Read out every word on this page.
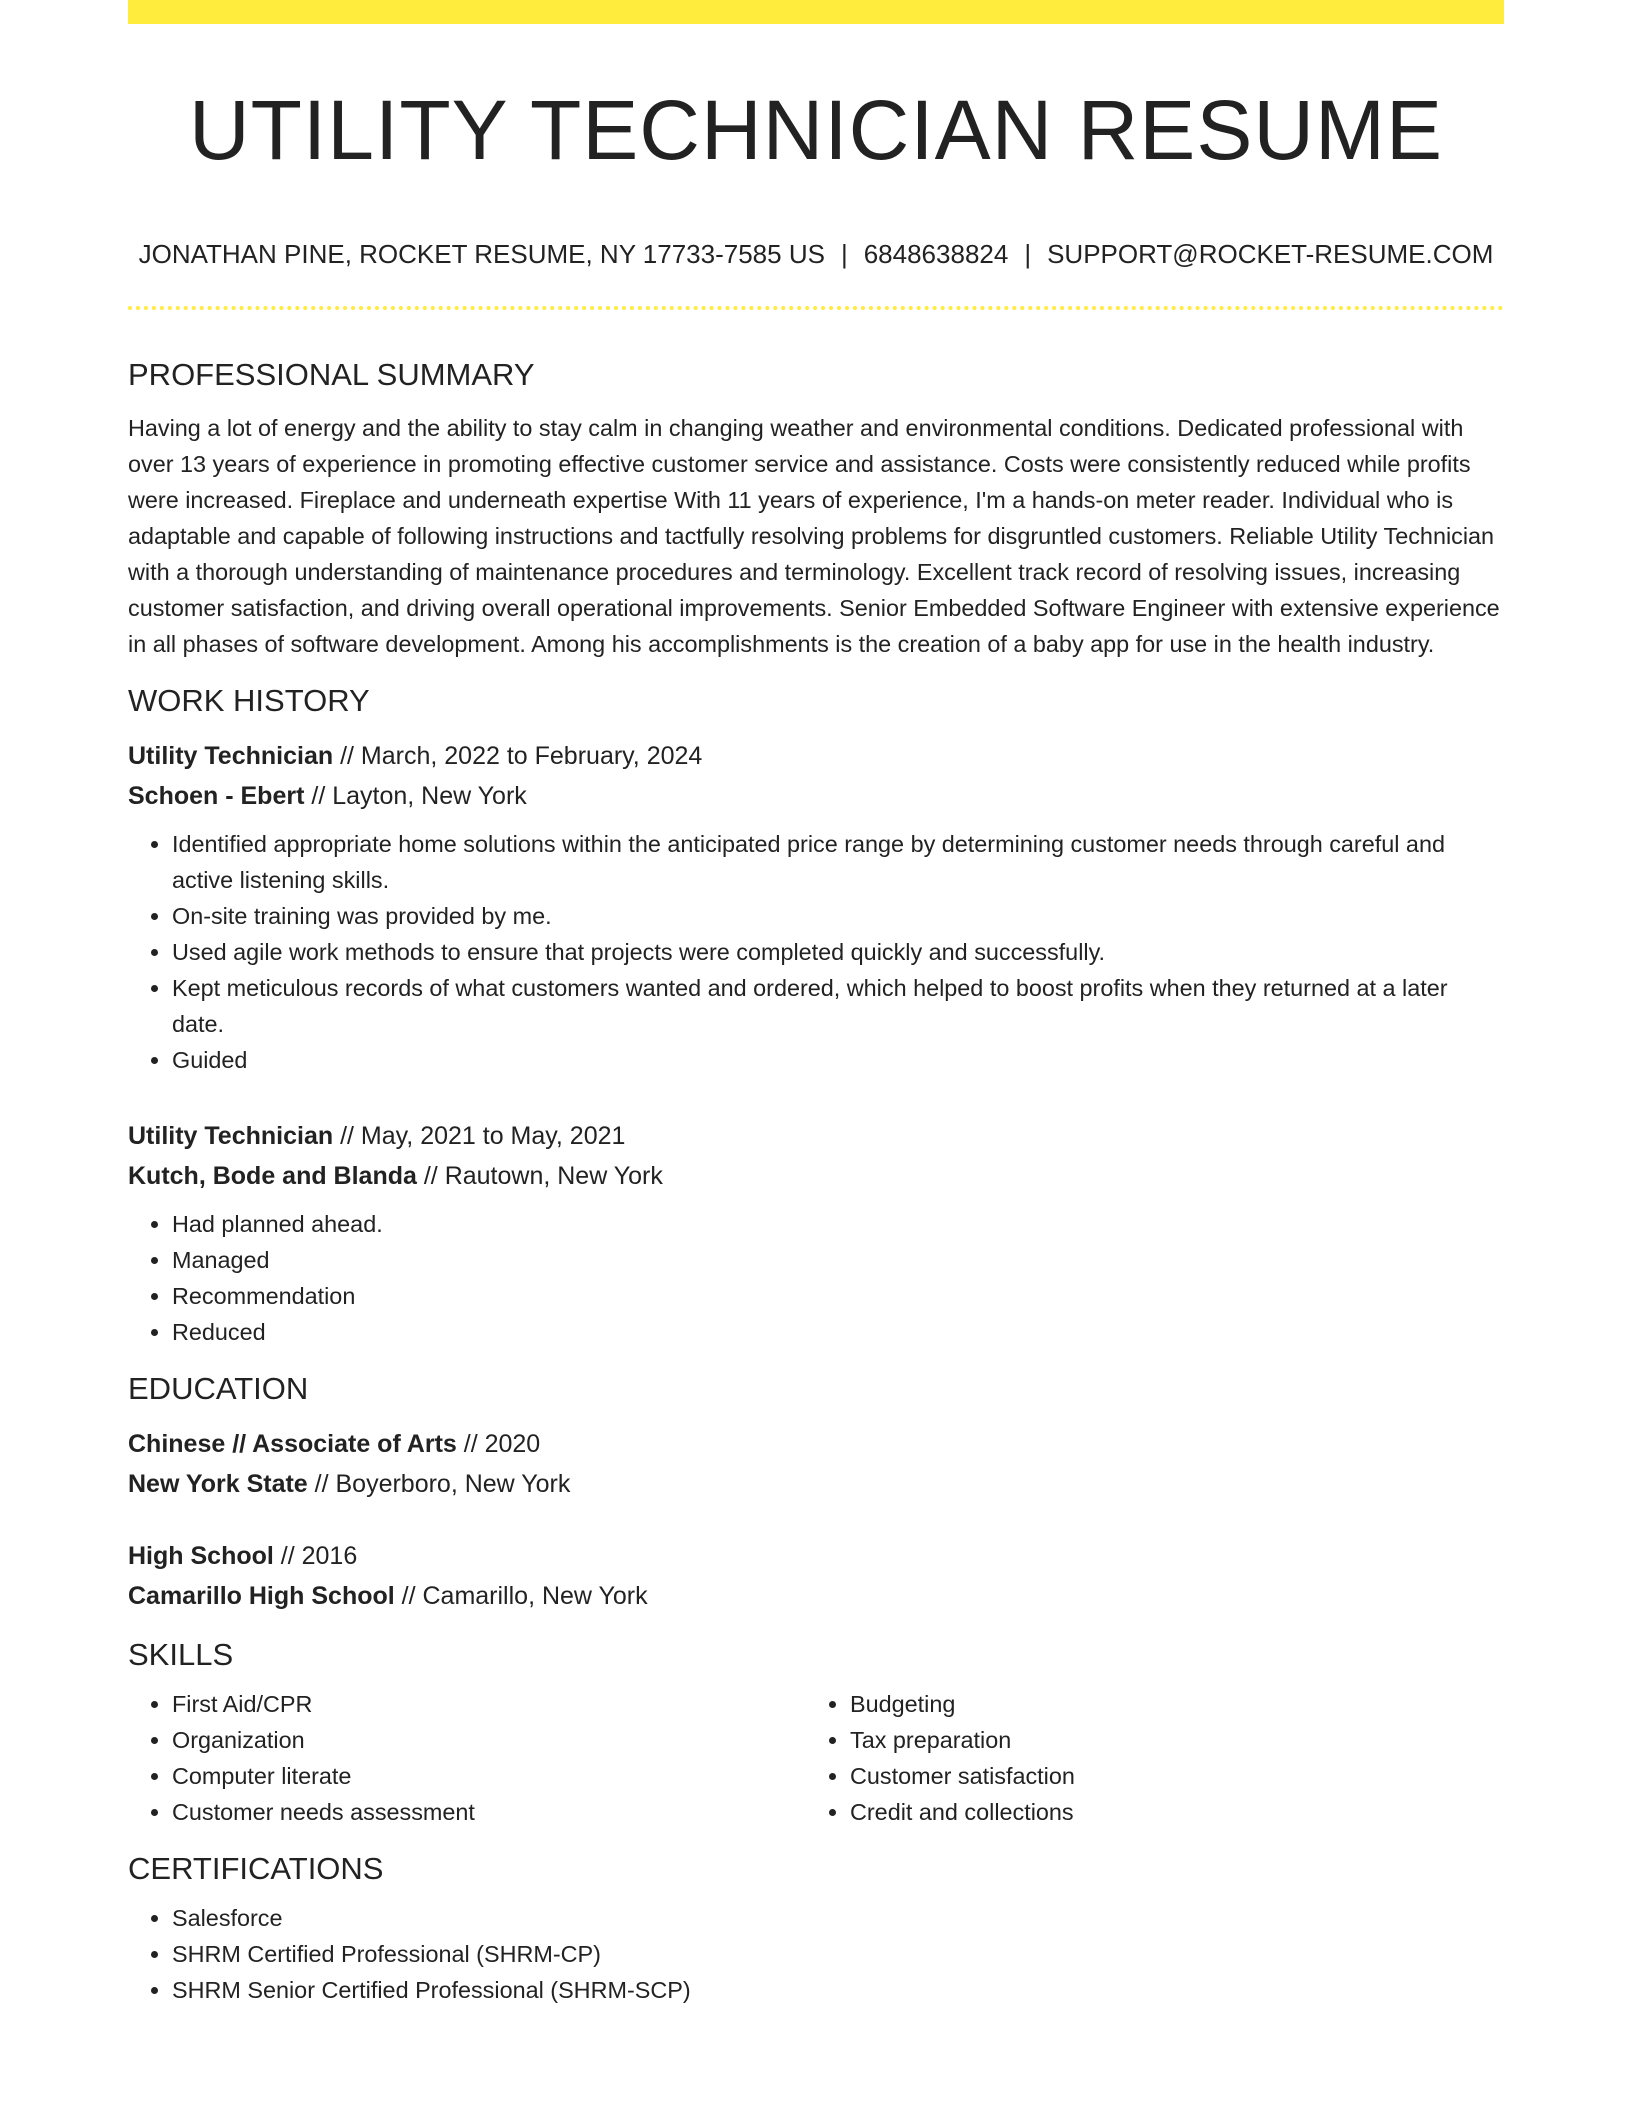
UTILITY TECHNICIAN RESUME
JONATHAN PINE, ROCKET RESUME, NY 17733-7585 US | 6848638824 | SUPPORT@ROCKET-RESUME.COM
PROFESSIONAL SUMMARY

Having a lot of energy and the ability to stay calm in changing weather and environmental conditions. Dedicated professional with over 13 years of experience in promoting effective customer service and assistance. Costs were consistently reduced while profits were increased. Fireplace and underneath expertise With 11 years of experience, I'm a hands-on meter reader. Individual who is adaptable and capable of following instructions and tactfully resolving problems for disgruntled customers. Reliable Utility Technician with a thorough understanding of maintenance procedures and terminology. Excellent track record of resolving issues, increasing customer satisfaction, and driving overall operational improvements. Senior Embedded Software Engineer with extensive experience in all phases of software development. Among his accomplishments is the creation of a baby app for use in the health industry.

WORK HISTORY
Utility Technician // March, 2022 to February, 2024
Schoen - Ebert // Layton, New York
• Identified appropriate home solutions within the anticipated price range by determining customer needs through careful and active listening skills.
• On-site training was provided by me.
• Used agile work methods to ensure that projects were completed quickly and successfully.
• Kept meticulous records of what customers wanted and ordered, which helped to boost profits when they returned at a later date.
• Guided
Utility Technician // May, 2021 to May, 2021
Kutch, Bode and Blanda // Rautown, New York
• Had planned ahead.
• Managed
• Recommendation
• Reduced
EDUCATION
Chinese // Associate of Arts // 2020
New York State // Boyerboro, New York
High School // 2016
Camarillo High School // Camarillo, New York
SKILLS
• First Aid/CPR
• Organization
• Computer literate
• Customer needs assessment
• Budgeting
• Tax preparation
• Customer satisfaction
• Credit and collections
CERTIFICATIONS
• Salesforce
• SHRM Certified Professional (SHRM-CP)
• SHRM Senior Certified Professional (SHRM-SCP)
